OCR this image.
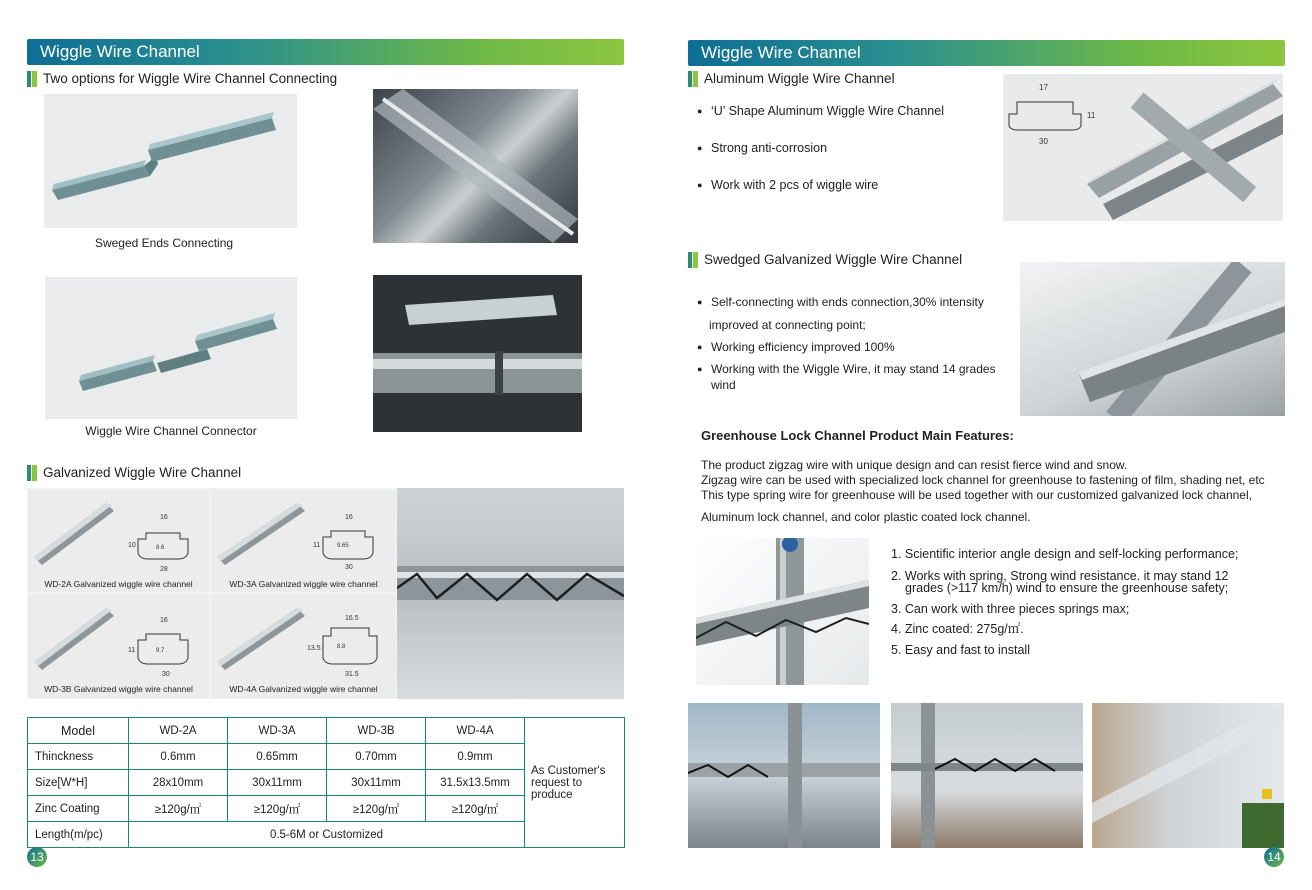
Wiggle Wire Channel
Two options for Wiggle Wire Channel Connecting
Sweged Ends Connecting
Wiggle Wire Channel Connector
Galvanized Wiggle Wire Channel
16
10
28
8.6
WD-2A Galvanized wiggle wire channel
16
11
30
9.65
WD-3A Galvanized wiggle wire channel
16
11
30
9.7
WD-3B Galvanized wiggle wire channel
16.5
13.5
31.5
8.8
WD-4A Galvanized wiggle wire channel
Model	WD-2A	WD-3A	WD-3B	WD-4A	As Customer's request to produce
Thinckness	0.6mm	0.65mm	0.70mm	0.9mm	
Size[W*H]	28x10mm	30x11mm	30x11mm	31.5x13.5mm	
Zinc Coating	≥120g/㎡	≥120g/㎡	≥120g/㎡	≥120g/㎡	
Length(m/pc)	0.5-6M or Customized				
13
Wiggle Wire Channel
Aluminum Wiggle Wire Channel
● ‘U’ Shape Aluminum Wiggle Wire Channel
● Strong anti-corrosion
● Work with 2 pcs of wiggle wire
17
11
30
Swedged Galvanized Wiggle Wire Channel
● Self-connecting with ends connection,30% intensity
improved at connecting point;
● Working efficiency improved 100%
● Working with the Wiggle Wire, it may stand 14 grades wind
Greenhouse Lock Channel Product Main Features:
The product zigzag wire with unique design and can resist fierce wind and snow.
Zigzag wire can be used with specialized lock channel for greenhouse to fastening of film, shading net, etc
This type spring wire for greenhouse will be used together with our customized galvanized lock channel,
Aluminum lock channel, and color plastic coated lock channel.
1. Scientific interior angle design and self-locking performance;
2. Works with spring, Strong wind resistance. it may stand 12
grades (>117 km/h) wind to ensure the greenhouse safety;
3. Can work with three pieces springs max;
4. Zinc coated: 275g/㎡.
5. Easy and fast to install
14
